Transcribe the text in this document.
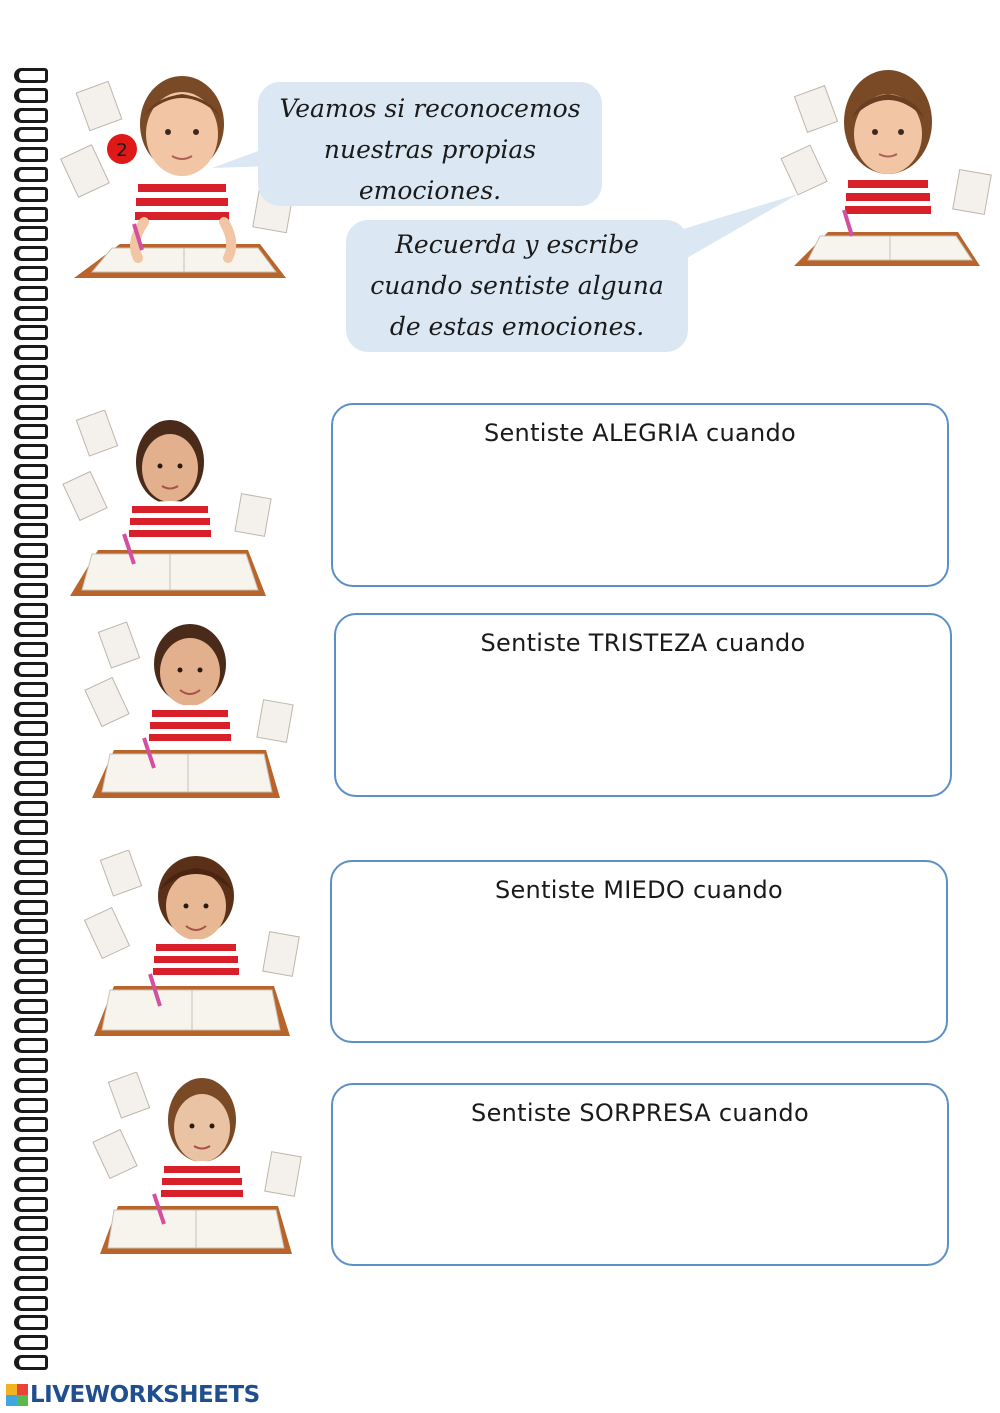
2
Veamos si reconocemos
nuestras propias
emociones.
Recuerda y escribe
cuando sentiste alguna
de estas emociones.
Sentiste ALEGRIA cuando
Sentiste TRISTEZA cuando
Sentiste MIEDO cuando
Sentiste SORPRESA cuando
LIVEWORKSHEETS
